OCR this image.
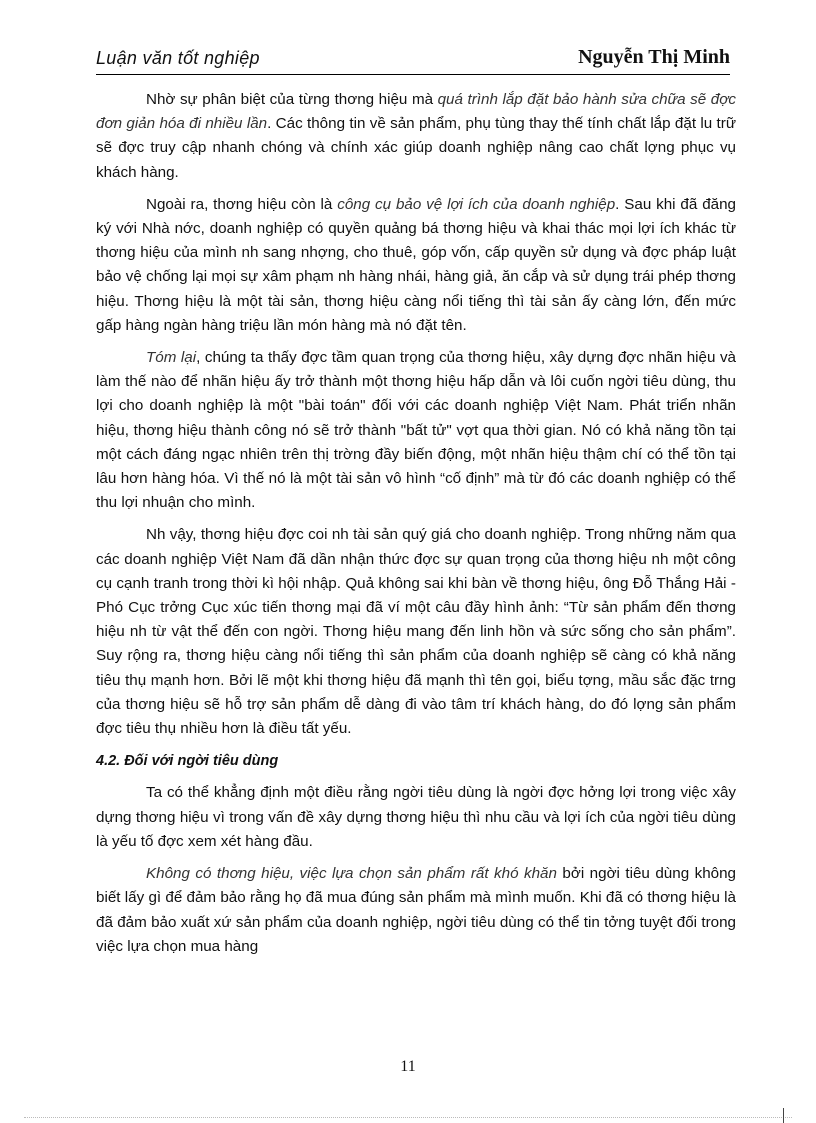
Luận văn tốt nghiệp	Nguyễn Thị Minh

Nhờ sự phân biệt của từng thơng hiệu mà quá trình lắp đặt bảo hành sửa chữa sẽ đợc đơn giản hóa đi nhiều lần. Các thông tin về sản phẩm, phụ tùng thay thế tính chất lắp đặt lu trữ sẽ đợc truy cập nhanh chóng và chính xác giúp doanh nghiệp nâng cao chất lợng phục vụ khách hàng.

Ngoài ra, thơng hiệu còn là công cụ bảo vệ lợi ích của doanh nghiệp. Sau khi đã đăng ký với Nhà nớc, doanh nghiệp có quyền quảng bá thơng hiệu và khai thác mọi lợi ích khác từ thơng hiệu của mình nh sang nhợng, cho thuê, góp vốn, cấp quyền sử dụng và đợc pháp luật bảo vệ chống lại mọi sự xâm phạm nh hàng nhái, hàng giả, ăn cắp và sử dụng trái phép thơng hiệu. Thơng hiệu là một tài sản, thơng hiệu càng nổi tiếng thì tài sản ấy càng lớn, đến mức gấp hàng ngàn hàng triệu lần món hàng mà nó đặt tên.

Tóm lại, chúng ta thấy đợc tầm quan trọng của thơng hiệu, xây dựng đợc nhãn hiệu và làm thế nào để nhãn hiệu ấy trở thành một thơng hiệu hấp dẫn và lôi cuốn ngời tiêu dùng, thu lợi cho doanh nghiệp là một "bài toán" đối với các doanh nghiệp Việt Nam. Phát triển nhãn hiệu, thơng hiệu thành công nó sẽ trở thành "bất tử" vợt qua thời gian. Nó có khả năng tồn tại một cách đáng ngạc nhiên trên thị trờng đầy biến động, một nhãn hiệu thậm chí có thể tồn tại lâu hơn hàng hóa. Vì thế nó là một tài sản vô hình “cố định” mà từ đó các doanh nghiệp có thể thu lợi nhuận cho mình.

Nh vậy, thơng hiệu đợc coi nh tài sản quý giá cho doanh nghiệp. Trong những năm qua các doanh nghiệp Việt Nam đã dần nhận thức đợc sự quan trọng của thơng hiệu nh một công cụ cạnh tranh trong thời kì hội nhập. Quả không sai khi bàn về thơng hiệu, ông Đỗ Thắng Hải - Phó Cục trởng Cục xúc tiến thơng mại đã ví một câu đầy hình ảnh: “Từ sản phẩm đến thơng hiệu nh từ vật thể đến con ngời. Thơng hiệu mang đến linh hồn và sức sống cho sản phẩm”. Suy rộng ra, thơng hiệu càng nổi tiếng thì sản phẩm của doanh nghiệp sẽ càng có khả năng tiêu thụ mạnh hơn. Bởi lẽ một khi thơng hiệu đã mạnh thì tên gọi, biểu tợng, mầu sắc đặc trng của thơng hiệu sẽ hỗ trợ sản phẩm dễ dàng đi vào tâm trí khách hàng, do đó lợng sản phẩm đợc tiêu thụ nhiều hơn là điều tất yếu.

4.2. Đối với ngời tiêu dùng

Ta có thể khẳng định một điều rằng ngời tiêu dùng là ngời đợc hởng lợi trong việc xây dựng thơng hiệu vì trong vấn đề xây dựng thơng hiệu thì nhu cầu và lợi ích của ngời tiêu dùng là yếu tố đợc xem xét hàng đầu.

Không có thơng hiệu, việc lựa chọn sản phẩm rất khó khăn bởi ngời tiêu dùng không biết lấy gì để đảm bảo rằng họ đã mua đúng sản phẩm mà mình muốn. Khi đã có thơng hiệu là đã đảm bảo xuất xứ sản phẩm của doanh nghiệp, ngời tiêu dùng có thể tin tởng tuyệt đối trong việc lựa chọn mua hàng

11
